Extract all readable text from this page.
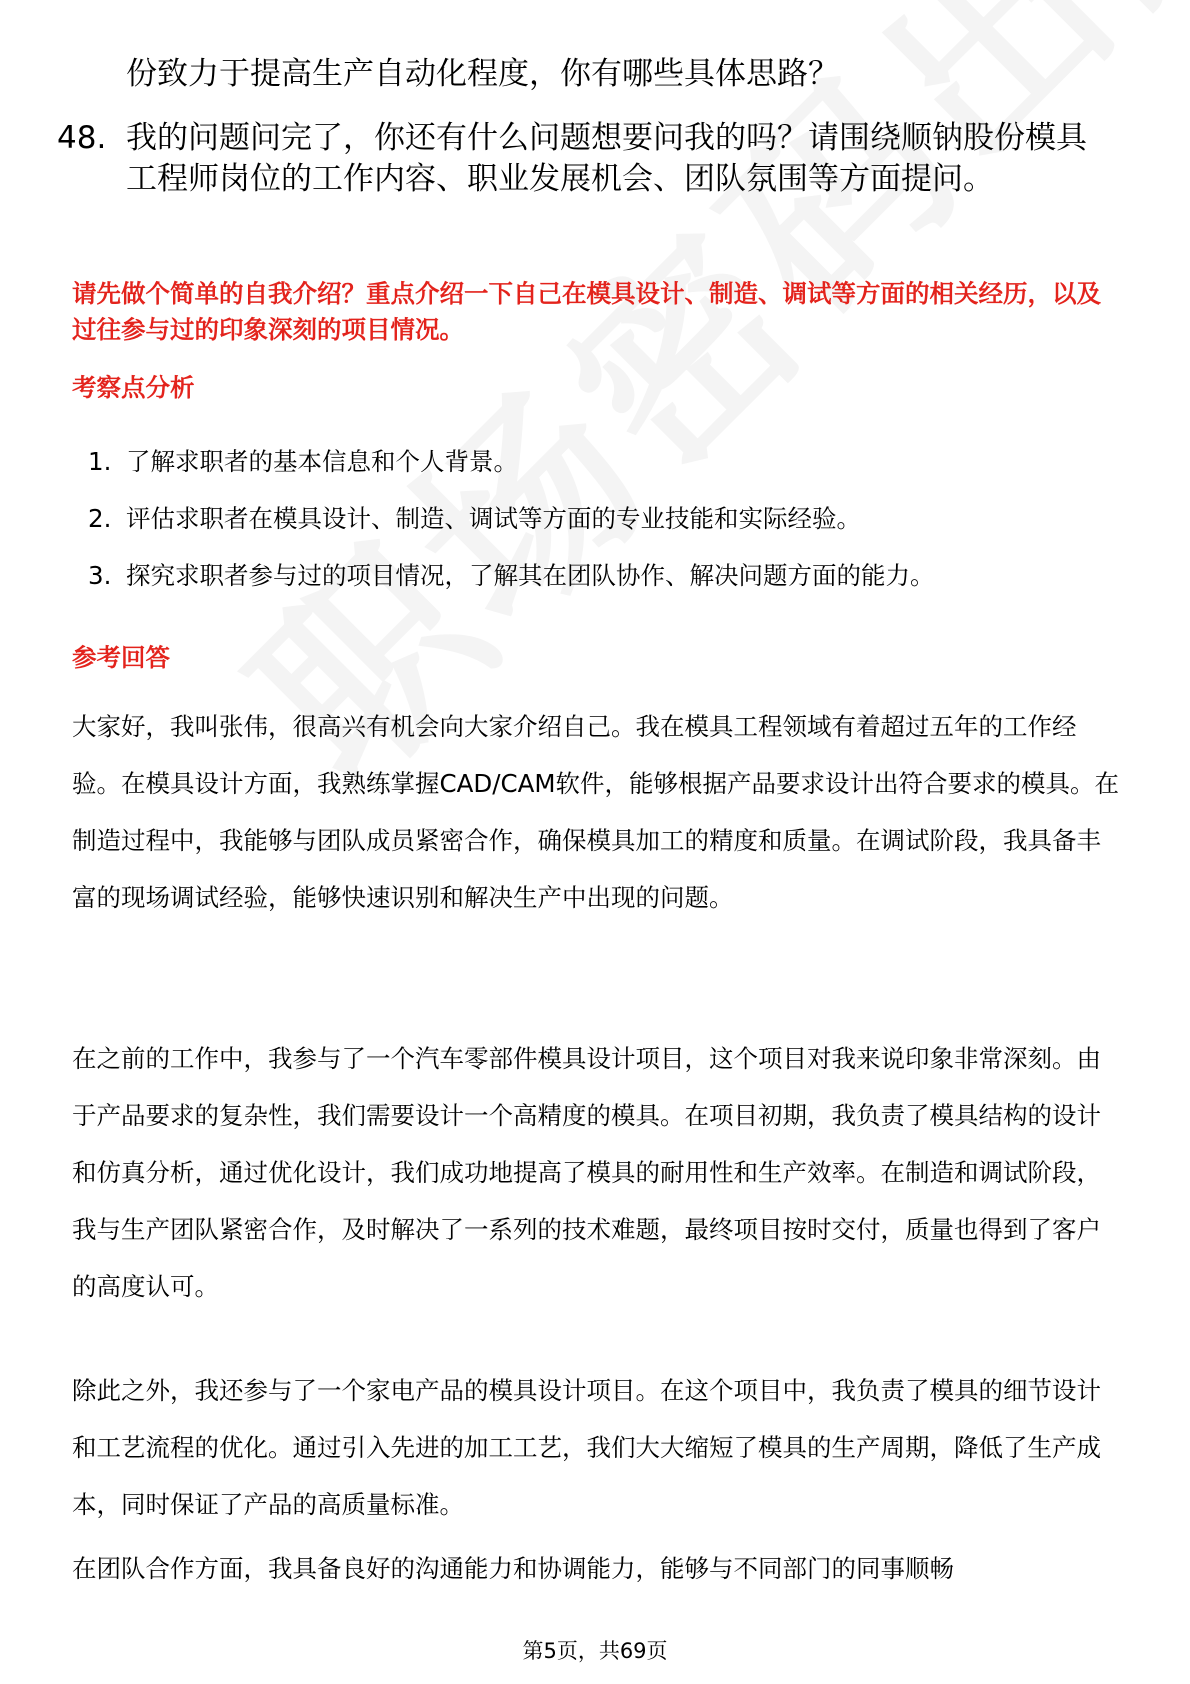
份致力于提高生产自动化程度，你有哪些具体思路？
48. 我的问题问完了，你还有什么问题想要问我的吗？请围绕顺钠股份模具工程师岗位的工作内容、职业发展机会、团队氛围等方面提问。
请先做个简单的自我介绍？重点介绍一下自己在模具设计、制造、调试等方面的相关经历，以及过往参与过的印象深刻的项目情况。
考察点分析
1. 了解求职者的基本信息和个人背景。
2. 评估求职者在模具设计、制造、调试等方面的专业技能和实际经验。
3. 探究求职者参与过的项目情况，了解其在团队协作、解决问题方面的能力。
参考回答
大家好，我叫张伟，很高兴有机会向大家介绍自己。我在模具工程领域有着超过五年的工作经验。在模具设计方面，我熟练掌握CAD/CAM软件，能够根据产品要求设计出符合要求的模具。在制造过程中，我能够与团队成员紧密合作，确保模具加工的精度和质量。在调试阶段，我具备丰富的现场调试经验，能够快速识别和解决生产中出现的问题。
在之前的工作中，我参与了一个汽车零部件模具设计项目，这个项目对我来说印象非常深刻。由于产品要求的复杂性，我们需要设计一个高精度的模具。在项目初期，我负责了模具结构的设计和仿真分析，通过优化设计，我们成功地提高了模具的耐用性和生产效率。在制造和调试阶段，我与生产团队紧密合作，及时解决了一系列的技术难题，最终项目按时交付，质量也得到了客户的高度认可。
除此之外，我还参与了一个家电产品的模具设计项目。在这个项目中，我负责了模具的细节设计和工艺流程的优化。通过引入先进的加工工艺，我们大大缩短了模具的生产周期，降低了生产成本，同时保证了产品的高质量标准。
在团队合作方面，我具备良好的沟通能力和协调能力，能够与不同部门的同事顺畅
第5页，共69页
